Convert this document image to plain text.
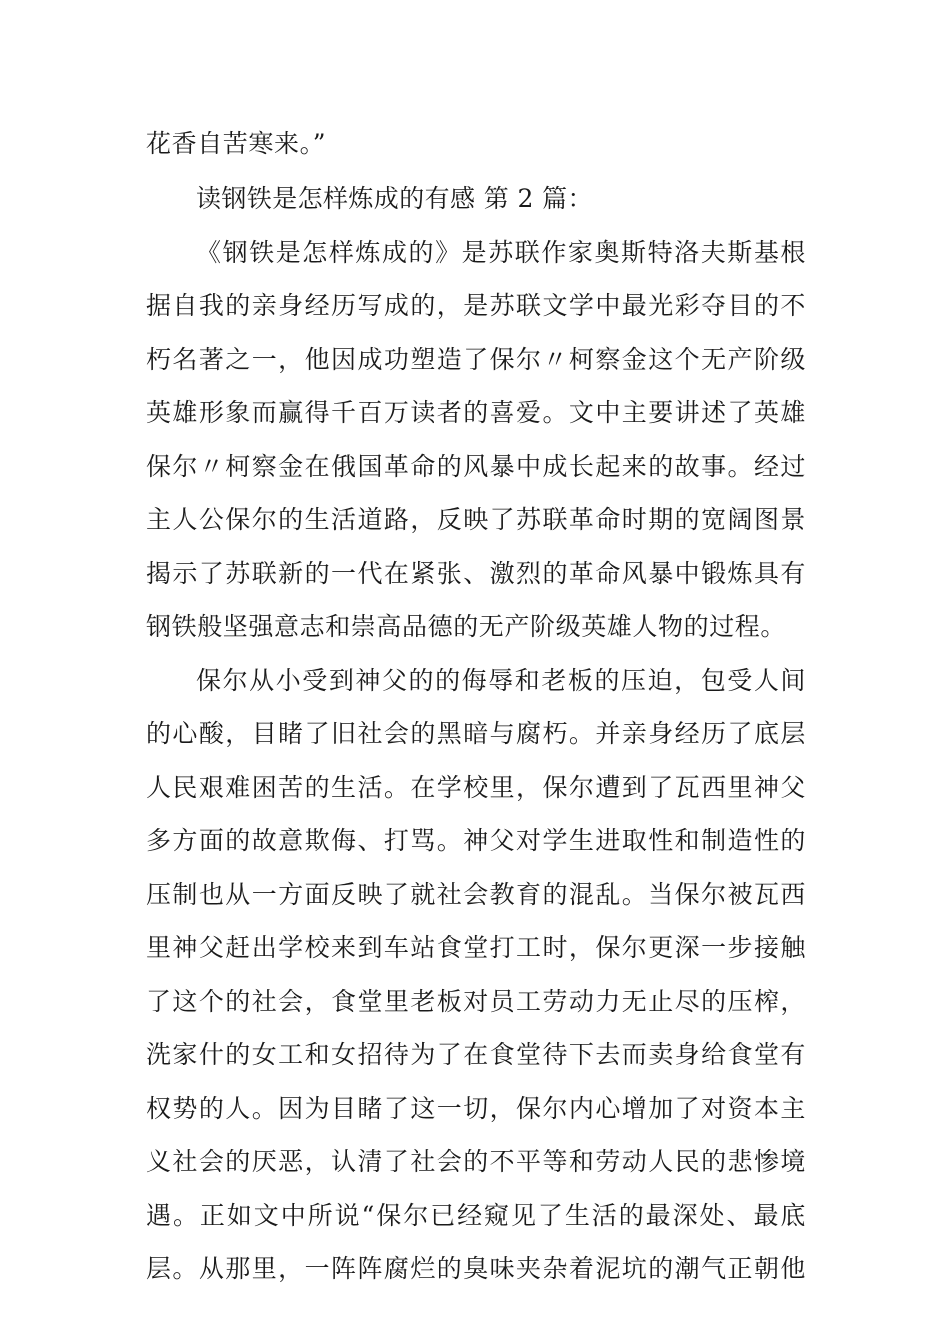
花香自苦寒来。”
读钢铁是怎样炼成的有感 第 2 篇：
《钢铁是怎样炼成的》是苏联作家奥斯特洛夫斯基根
据自我的亲身经历写成的，是苏联文学中最光彩夺目的不
朽名著之一，他因成功塑造了保尔〃柯察金这个无产阶级
英雄形象而赢得千百万读者的喜爱。文中主要讲述了英雄
保尔〃柯察金在俄国革命的风暴中成长起来的故事。经过
主人公保尔的生活道路，反映了苏联革命时期的宽阔图景
揭示了苏联新的一代在紧张、激烈的革命风暴中锻炼具有
钢铁般坚强意志和崇高品德的无产阶级英雄人物的过程。
保尔从小受到神父的的侮辱和老板的压迫，包受人间
的心酸，目睹了旧社会的黑暗与腐朽。并亲身经历了底层
人民艰难困苦的生活。在学校里，保尔遭到了瓦西里神父
多方面的故意欺侮、打骂。神父对学生进取性和制造性的
压制也从一方面反映了就社会教育的混乱。当保尔被瓦西
里神父赶出学校来到车站食堂打工时，保尔更深一步接触
了这个的社会，食堂里老板对员工劳动力无止尽的压榨，
洗家什的女工和女招待为了在食堂待下去而卖身给食堂有
权势的人。因为目睹了这一切，保尔内心增加了对资本主
义社会的厌恶，认清了社会的不平等和劳动人民的悲惨境
遇。正如文中所说“保尔已经窥见了生活的最深处、最底
层。从那里，一阵阵腐烂的臭味夹杂着泥坑的潮气正朝他
